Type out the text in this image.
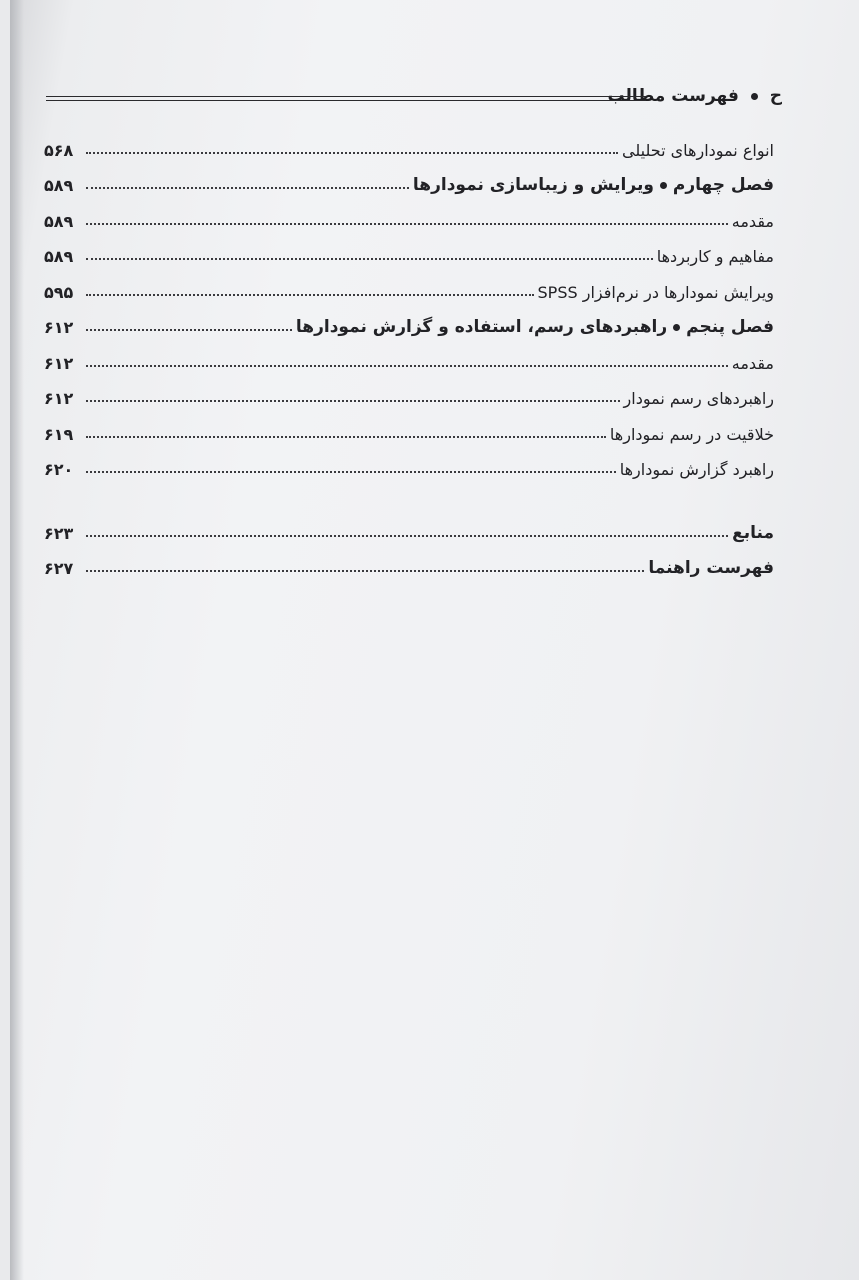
ح  فهرست مطالب
انواع نمودارهای تحلیلی
۵۶۸
فصل چهارمویرایش و زیباسازی نمودارها
۵۸۹
مقدمه
۵۸۹
مفاهیم و کاربردها
۵۸۹
ویرایش نمودارها در نرم‌افزار SPSS
۵۹۵
فصل پنجمراهبردهای رسم، استفاده و گزارش نمودارها
۶۱۲
مقدمه
۶۱۲
راهبردهای رسم نمودار
۶۱۲
خلاقیت در رسم نمودارها
۶۱۹
راهبرد گزارش نمودارها
۶۲۰
منابع
۶۲۳
فهرست راهنما
۶۲۷
